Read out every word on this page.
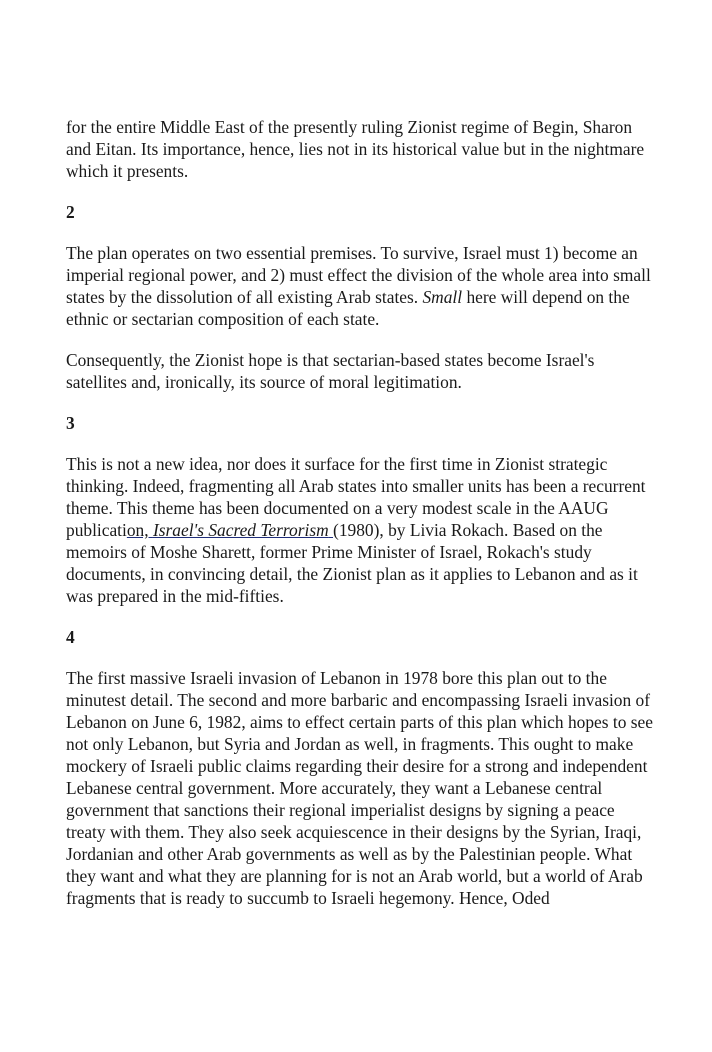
for the entire Middle East of the presently ruling Zionist regime of Begin, Sharon and Eitan. Its importance, hence, lies not in its historical value but in the nightmare which it presents.

2

The plan operates on two essential premises. To survive, Israel must 1) become an imperial regional power, and 2) must effect the division of the whole area into small states by the dissolution of all existing Arab states. Small here will depend on the ethnic or sectarian composition of each state.

Consequently, the Zionist hope is that sectarian-based states become Israel's satellites and, ironically, its source of moral legitimation.

3

This is not a new idea, nor does it surface for the first time in Zionist strategic thinking. Indeed, fragmenting all Arab states into smaller units has been a recurrent theme. This theme has been documented on a very modest scale in the AAUG publication, Israel's Sacred Terrorism (1980), by Livia Rokach. Based on the memoirs of Moshe Sharett, former Prime Minister of Israel, Rokach's study documents, in convincing detail, the Zionist plan as it applies to Lebanon and as it was prepared in the mid-fifties.

4

The first massive Israeli invasion of Lebanon in 1978 bore this plan out to the minutest detail. The second and more barbaric and encompassing Israeli invasion of Lebanon on June 6, 1982, aims to effect certain parts of this plan which hopes to see not only Lebanon, but Syria and Jordan as well, in fragments. This ought to make mockery of Israeli public claims regarding their desire for a strong and independent Lebanese central government. More accurately, they want a Lebanese central government that sanctions their regional imperialist designs by signing a peace treaty with them. They also seek acquiescence in their designs by the Syrian, Iraqi, Jordanian and other Arab governments as well as by the Palestinian people. What they want and what they are planning for is not an Arab world, but a world of Arab fragments that is ready to succumb to Israeli hegemony. Hence, Oded
